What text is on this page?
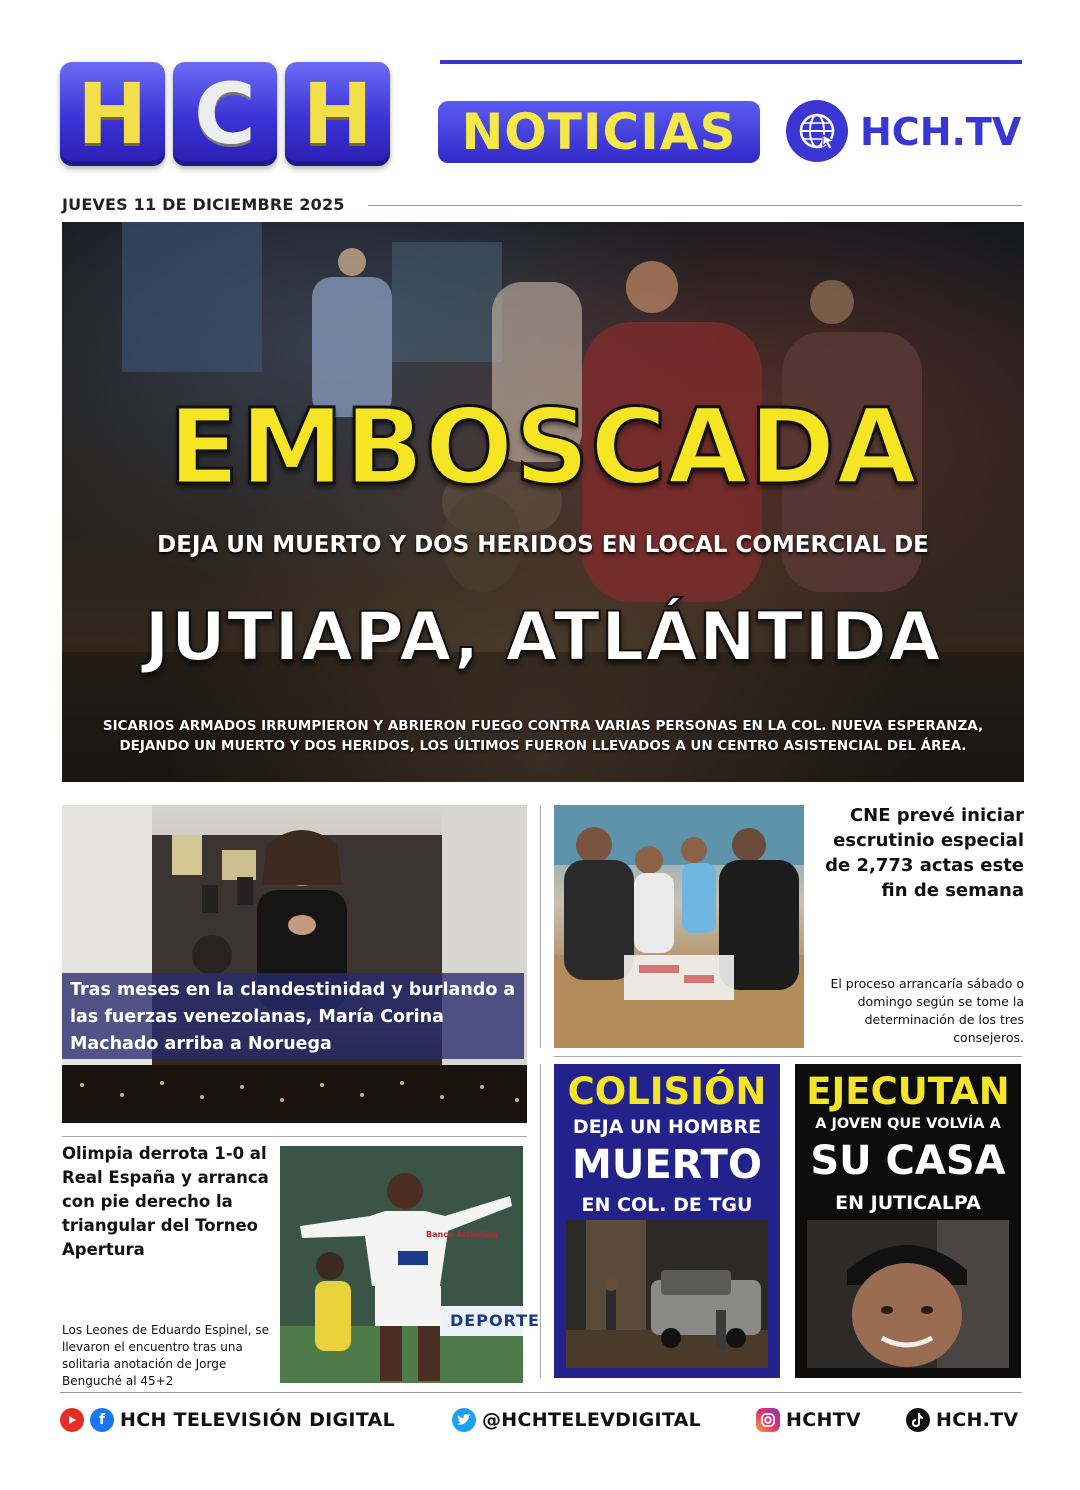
H C H	NOTICIAS	HCH.TV
JUEVES 11 DE DICIEMBRE 2025
EMBOSCADA
DEJA UN MUERTO Y DOS HERIDOS EN LOCAL COMERCIAL DE
JUTIAPA, ATLÁNTIDA
SICARIOS ARMADOS IRRUMPIERON Y ABRIERON FUEGO CONTRA VARIAS PERSONAS EN LA COL. NUEVA ESPERANZA, DEJANDO UN MUERTO Y DOS HERIDOS, LOS ÚLTIMOS FUERON LLEVADOS A UN CENTRO ASISTENCIAL DEL ÁREA.
Tras meses en la clandestinidad y burlando a las fuerzas venezolanas, María Corina Machado arriba a Noruega
CNE prevé iniciar escrutinio especial de 2,773 actas este fin de semana
El proceso arrancaría sábado o domingo según se tome la determinación de los tres consejeros.
Olimpia derrota 1-0 al Real España y arranca con pie derecho la triangular del Torneo Apertura
Los Leones de Eduardo Espinel, se llevaron el encuentro tras una solitaria anotación de Jorge Benguché al 45+2
Banco Atlántida
DEPORTE
COLISIÓN
DEJA UN HOMBRE
MUERTO
EN COL. DE TGU
EJECUTAN
A JOVEN QUE VOLVÍA A
SU CASA
EN JUTICALPA
f HCH TELEVISIÓN DIGITAL	@HCHTELEVDIGITAL	HCHTV	HCH.TV
